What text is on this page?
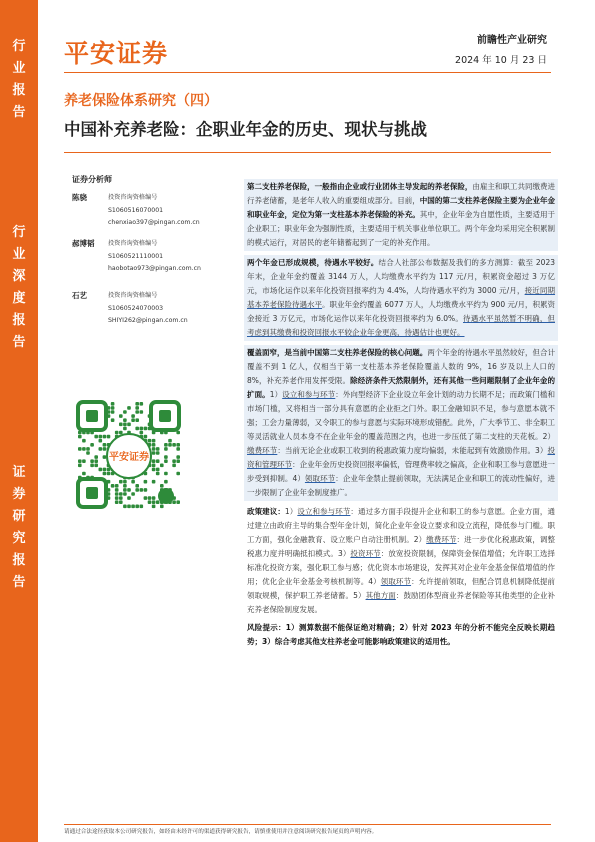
行
业
报
告
行
业
深
度
报
告
证
券
研
究
报
告
平安证券	前瞻性产业研究
2024 年 10 月 23 日
养老保险体系研究（四）
中国补充养老险：企职业年金的历史、现状与挑战
证券分析师
陈骁	投资咨询资格编号
S1060516070001
chenxiao397@pingan.com.cn
郝博韬 投资咨询资格编号
S1060521110001
haobotao973@pingan.com.cn
石艺	投资咨询资格编号
S1060524070003
SHIYI262@pingan.com.cn
平安证券

第二支柱养老保险，一般指由企业或行业团体主导发起的养老保险，由雇主和职工共同缴费进行养老储蓄，是老年人收入的重要组成部分。目前，中国的第二支柱养老保险主要为企业年金和职业年金，定位为第一支柱基本养老保险的补充。其中，企业年金为自愿性质，主要适用于企业职工；职业年金为强制性质，主要适用于机关事业单位职工。两个年金均采用完全积累制的模式运行，对居民的老年储蓄起到了一定的补充作用。

两个年金已形成规模，待遇水平较好。结合人社部公布数据及我们的多方测算：截至 2023 年末，企业年金约覆盖 3144 万人，人均缴费水平约为 117 元/月，积累资金超过 3 万亿元，市场化运作以来年化投资回报率约为 4.4%，人均待遇水平约为 3000 元/月，接近同期基本养老保险待遇水平。职业年金约覆盖 6077 万人，人均缴费水平约为 900 元/月，积累资金接近 3 万亿元，市场化运作以来年化投资回报率约为 6.0%。待遇水平虽然暂不明确，但考虑到其缴费和投资回报水平较企业年金更高，待遇估计也更好。

覆盖面窄，是当前中国第二支柱养老保险的核心问题。两个年金的待遇水平虽然较好，但合计覆盖不到 1 亿人，仅相当于第一支柱基本养老保险覆盖人数的 9%，16 岁及以上人口的 8%，补充养老作用发挥受限。除经济条件天然限制外，还有其他一些问题限制了企业年金的扩面。1）设立和参与环节：外向型经济下企业设立年金计划的动力长期不足；而政策门槛和市场门槛，又将相当一部分具有意愿的企业拒之门外。职工金融知识不足，参与意愿本就不强；工会力量薄弱，又令职工的参与意愿与实际环境形成错配。此外，广大季节工、非全职工等灵活就业人员本身不在企业年金的覆盖范围之内，也进一步压低了第二支柱的天花板。2）缴费环节：当前无论企业或职工收到的税惠政策力度均偏弱，未能起到有效激励作用。3）投资和管理环节：企业年金历史投资回报率偏低，管理费率较之偏高，企业和职工参与意愿进一步受到抑制。4）领取环节：企业年金禁止提前领取，无法满足企业和职工的流动性偏好，进一步限制了企业年金制度推广。

政策建议：1）设立和参与环节：通过多方面手段提升企业和职工的参与意愿。企业方面，通过建立由政府主导的集合型年金计划，简化企业年金设立要求和设立流程，降低参与门槛。职工方面，强化金融教育、设立账户自动注册机制。2）缴费环节：进一步优化税惠政策，调整税惠力度并明确抵扣模式。3）投资环节：放宽投资限制，保障资金保值增值；允许职工选择标准化投资方案，强化职工参与感；优化资本市场建设，发挥其对企业年金基金保值增值的作用；优化企业年金基金考核机制等。4）领取环节：允许提前领取，但配合罚息机制降低提前领取规模，保护职工养老储蓄。5）其他方面：鼓励团体型商业养老保险等其他类型的企业补充养老保险制度发展。

风险提示：1）测算数据不能保证绝对精确；2）针对 2023 年的分析不能完全反映长期趋势；3）综合考虑其他支柱养老金可能影响政策建议的适用性。

请通过合法途径获取本公司研究报告，如经由未经许可的渠道获得研究报告，请慎重使用并注意阅读研究报告尾页的声明内容。
